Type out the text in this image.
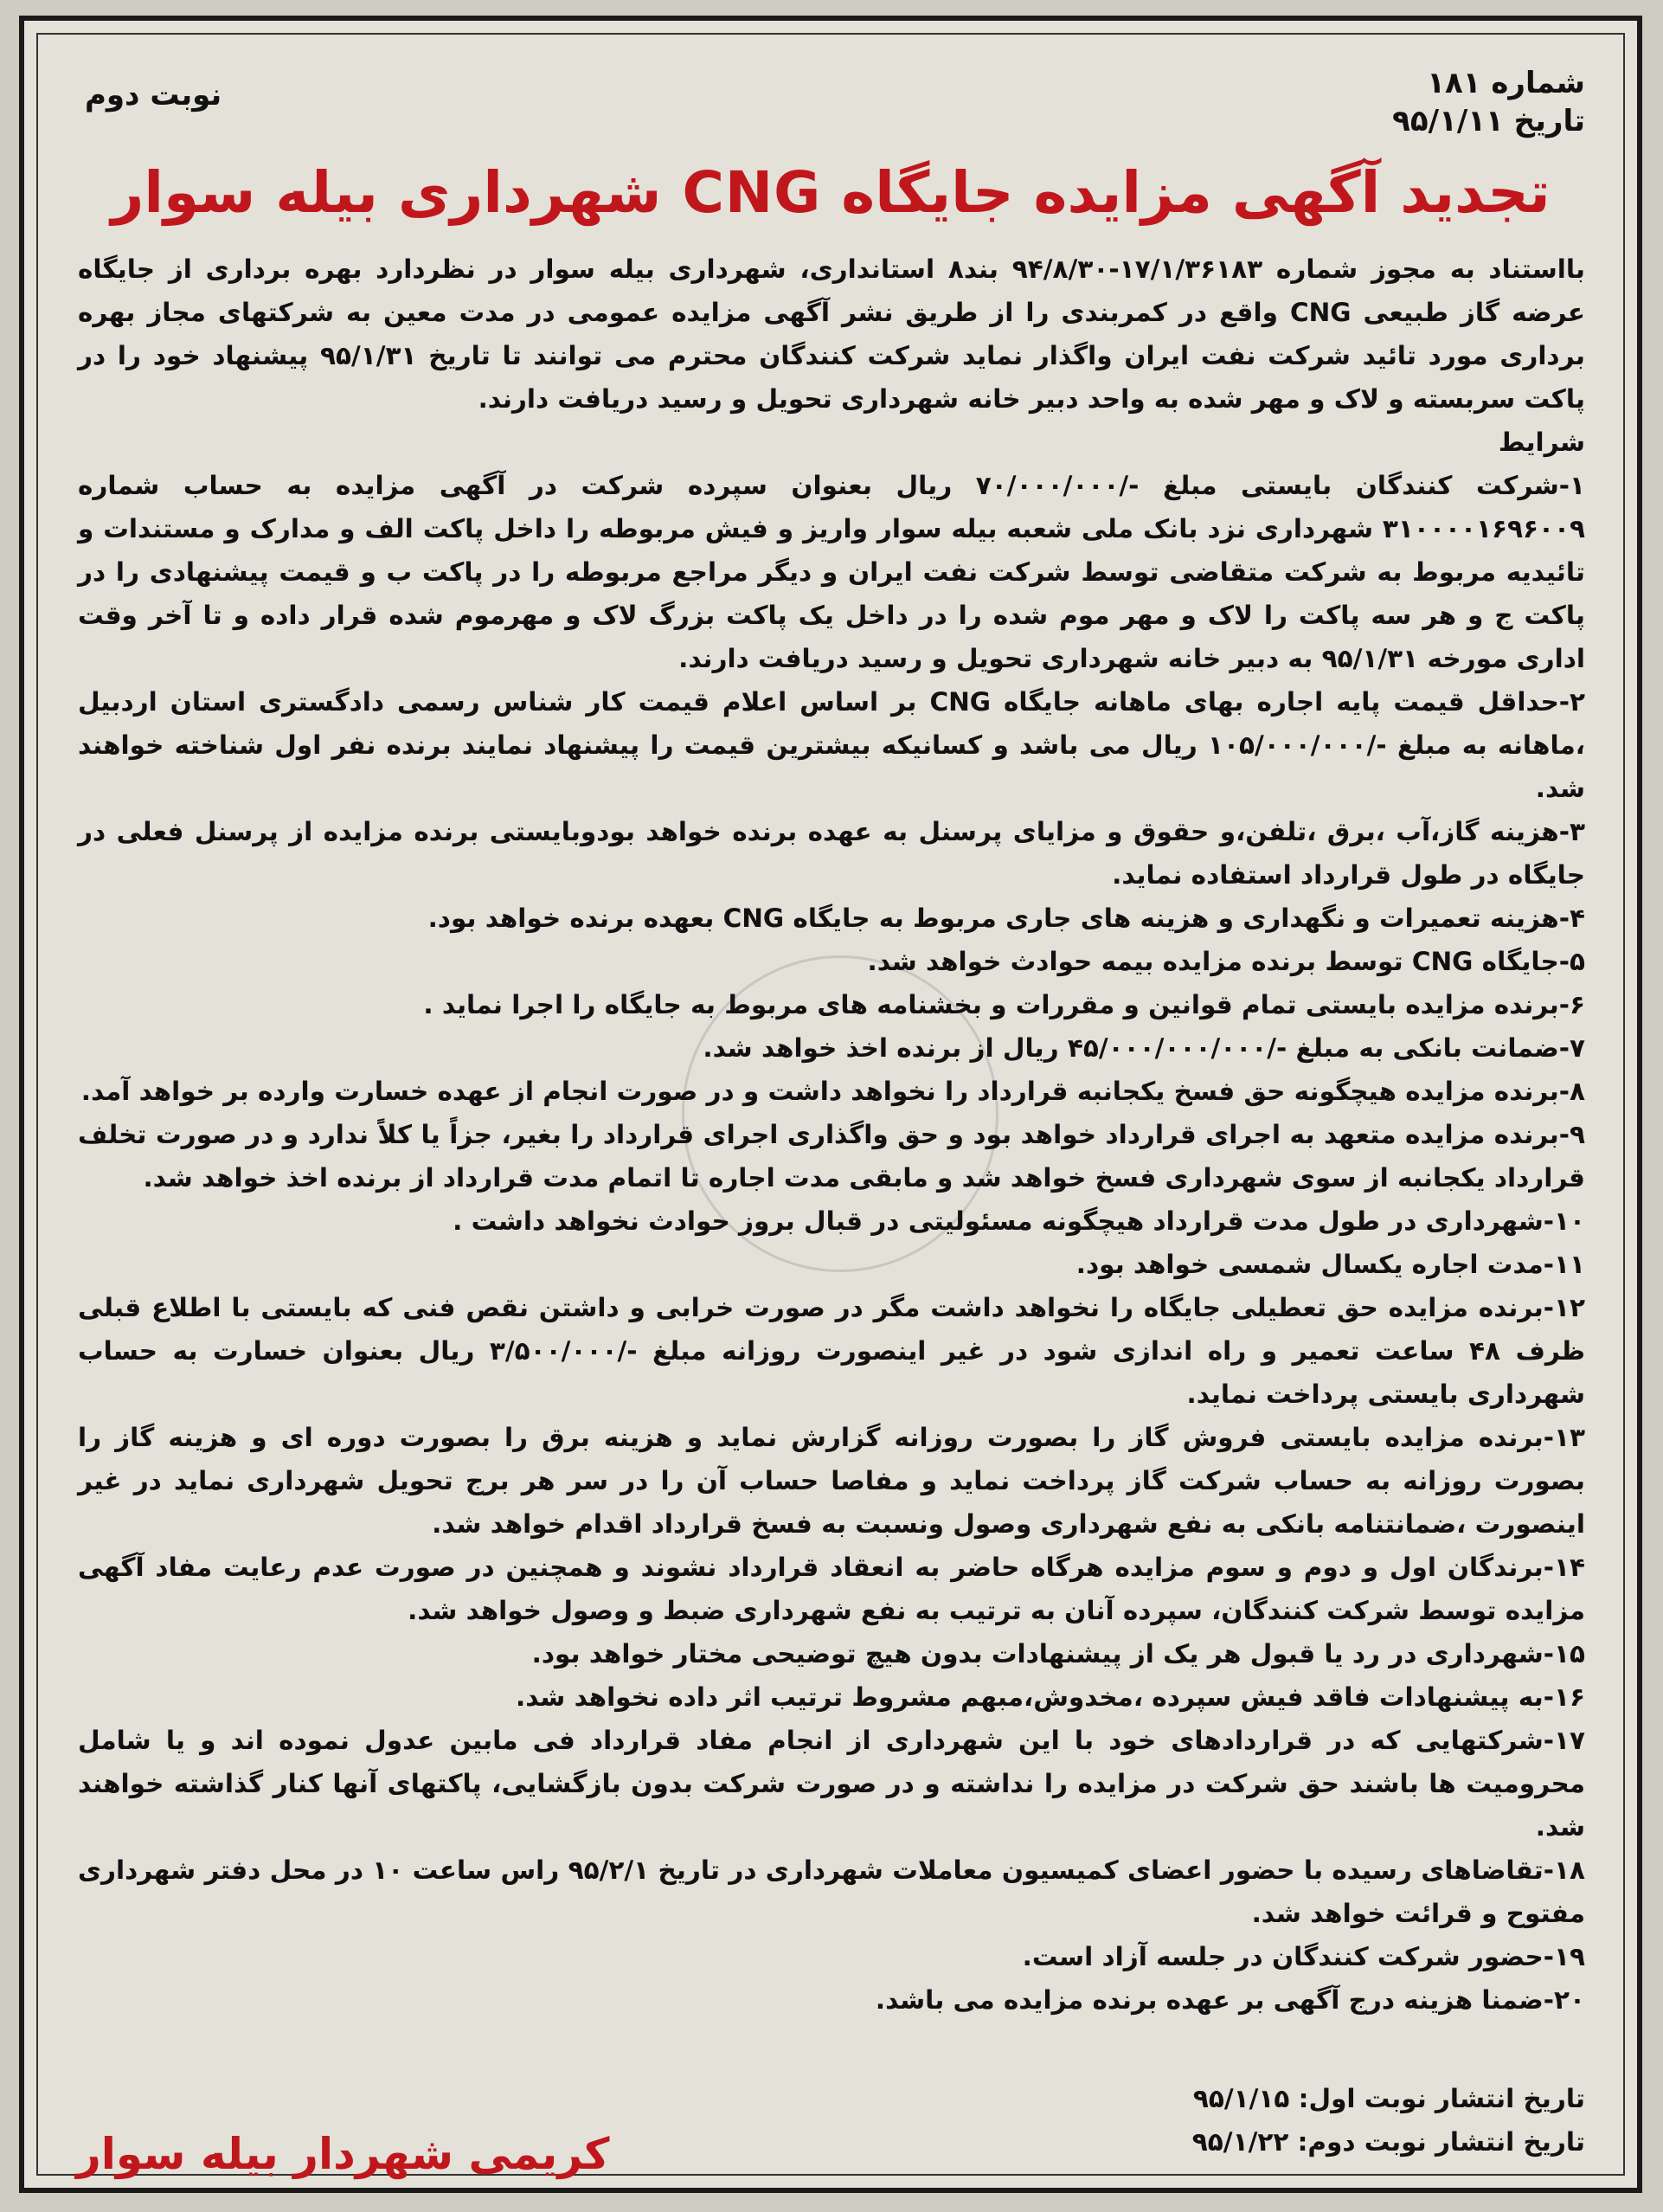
شماره ۱۸۱
تاریخ ۹۵/۱/۱۱
نوبت دوم
تجدید آگهی مزایده جایگاه CNG شهرداری بیله سوار

بااستناد به مجوز شماره ۱۷/۱/۳۶۱۸۳-۹۴/۸/۳۰ بند۸ استانداری، شهرداری بیله سوار در نظردارد بهره برداری از جایگاه عرضه گاز طبیعی CNG واقع در کمربندی را از طریق نشر آگهی مزایده عمومی در مدت معین به شرکتهای مجاز بهره برداری مورد تائید شرکت نفت ایران واگذار نماید شرکت کنندگان محترم می توانند تا تاریخ ۹۵/۱/۳۱ پیشنهاد خود را در پاکت سربسته و لاک و مهر شده به واحد دبیر خانه شهرداری تحویل و رسید دریافت دارند.

شرایط

۱-شرکت کنندگان بایستی مبلغ -/۷۰/۰۰۰/۰۰۰ ریال بعنوان سپرده شرکت در آگهی مزایده به حساب شماره ۳۱۰۰۰۰۱۶۹۶۰۰۹ شهرداری نزد بانک ملی شعبه بیله سوار واریز و فیش مربوطه را داخل پاکت الف و مدارک و مستندات و تائیدیه مربوط به شرکت متقاضی توسط شرکت نفت ایران و دیگر مراجع مربوطه را در پاکت ب و قیمت پیشنهادی را در پاکت ج و هر سه پاکت را لاک و مهر موم شده را در داخل یک پاکت بزرگ لاک و مهرموم شده قرار داده و تا آخر وقت اداری مورخه ۹۵/۱/۳۱ به دبیر خانه شهرداری تحویل و رسید دریافت دارند.

۲-حداقل قیمت پایه اجاره بهای ماهانه جایگاه CNG بر اساس اعلام قیمت کار شناس رسمی دادگستری استان اردبیل ،ماهانه به مبلغ -/۱۰۵/۰۰۰/۰۰۰ ریال می باشد و کسانیکه بیشترین قیمت را پیشنهاد نمایند برنده نفر اول شناخته خواهند شد.

۳-هزینه گاز،آب ،برق ،تلفن،و حقوق و مزایای پرسنل به عهده برنده خواهد بودوبایستی برنده مزایده از پرسنل فعلی در جایگاه در طول قرارداد استفاده نماید.

۴-هزینه تعمیرات و نگهداری و هزینه های جاری مربوط به جایگاه CNG بعهده برنده خواهد بود.

۵-جایگاه CNG توسط برنده مزایده بیمه حوادث خواهد شد.

۶-برنده مزایده بایستی تمام قوانین و مقررات و بخشنامه های مربوط به جایگاه را اجرا نماید .

۷-ضمانت بانکی به مبلغ -/۴۵/۰۰۰/۰۰۰/۰۰۰ ریال از برنده اخذ خواهد شد.

۸-برنده مزایده هیچگونه حق فسخ یکجانبه قرارداد را نخواهد داشت و در صورت انجام از عهده خسارت وارده بر خواهد آمد.

۹-برنده مزایده متعهد به اجرای قرارداد خواهد بود و حق واگذاری اجرای قرارداد را بغیر، جزاً یا کلاً ندارد و در صورت تخلف قرارداد یکجانبه از سوی شهرداری فسخ خواهد شد و مابقی مدت اجاره تا اتمام مدت قرارداد از برنده اخذ خواهد شد.

۱۰-شهرداری در طول مدت قرارداد هیچگونه مسئولیتی در قبال بروز حوادث نخواهد داشت .

۱۱-مدت اجاره یکسال شمسی خواهد بود.

۱۲-برنده مزایده حق تعطیلی جایگاه را نخواهد داشت مگر در صورت خرابی و داشتن نقص فنی که بایستی با اطلاع قبلی ظرف ۴۸ ساعت تعمیر و راه اندازی شود در غیر اینصورت روزانه مبلغ -/۳/۵۰۰/۰۰۰ ریال بعنوان خسارت به حساب شهرداری بایستی پرداخت نماید.

۱۳-برنده مزایده بایستی فروش گاز را بصورت روزانه گزارش نماید و هزینه برق را بصورت دوره ای و هزینه گاز را بصورت روزانه به حساب شرکت گاز پرداخت نماید و مفاصا حساب آن را در سر هر برج تحویل شهرداری نماید در غیر اینصورت ،ضمانتنامه بانکی به نفع شهرداری وصول ونسبت به فسخ قرارداد اقدام خواهد شد.

۱۴-برندگان اول و دوم و سوم مزایده هرگاه حاضر به انعقاد قرارداد نشوند و همچنین در صورت عدم رعایت مفاد آگهی مزایده توسط شرکت کنندگان، سپرده آنان به ترتیب به نفع شهرداری ضبط و وصول خواهد شد.

۱۵-شهرداری در رد یا قبول هر یک از پیشنهادات بدون هیچ توضیحی مختار خواهد بود.

۱۶-به پیشنهادات فاقد فیش سپرده ،مخدوش،مبهم مشروط ترتیب اثر داده نخواهد شد.

۱۷-شرکتهایی که در قراردادهای خود با این شهرداری از انجام مفاد قرارداد فی مابین عدول نموده اند و یا شامل محرومیت ها باشند حق شرکت در مزایده را نداشته و در صورت شرکت بدون بازگشایی، پاکتهای آنها کنار گذاشته خواهند شد.

۱۸-تقاضاهای رسیده با حضور اعضای کمیسیون معاملات شهرداری در تاریخ ۹۵/۲/۱ راس ساعت ۱۰ در محل دفتر شهرداری مفتوح و قرائت خواهد شد.

۱۹-حضور شرکت کنندگان در جلسه آزاد است.

۲۰-ضمنا هزینه درج آگهی بر عهده برنده مزایده می باشد.

تاریخ انتشار نوبت اول: ۹۵/۱/۱۵
تاریخ انتشار نوبت دوم: ۹۵/۱/۲۲
کریمی شهردار بیله سوار
